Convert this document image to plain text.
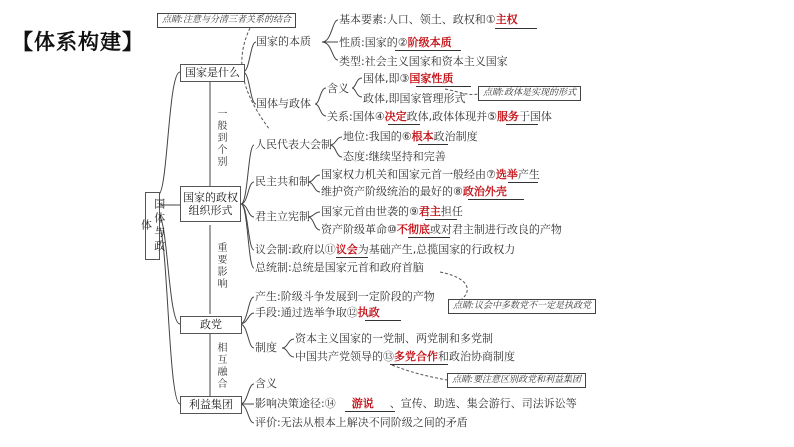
【体系构建】
国体与政体
国家是什么
国家的政权组织形式
政党
利益集团
一般到个别
重要影响
相互融合
国家的本质
基本要素:人口、领土、政权和①主权
性质:国家的②阶级本质
类型:社会主义国家和资本主义国家
国体与政体
含义
国体,即③国家性质
政体,即国家管理形式
关系:国体④决定政体,政体体现并⑤服务于国体
点睛:注意与分清三者关系的结合
点睛:政体是实现的形式
人民代表大会制
地位:我国的⑥根本政治制度
态度:继续坚持和完善
民主共和制
国家权力机关和国家元首一般经由⑦选举产生
维护资产阶级统治的最好的⑧政治外壳
君主立宪制 国家元首由世袭的⑨君主担任
资产阶级革命⑩不彻底或对君主制进行改良的产物
议会制:政府以⑪议会为基础产生,总揽国家的行政权力
总统制:总统是国家元首和政府首脑
产生:阶级斗争发展到一定阶段的产物
手段:通过选举争取⑫执政
制度
资本主义国家的一党制、两党制和多党制
中国共产党领导的⑬多党合作和政治协商制度
点睛:议会中多数党不一定是执政党
含义
影响决策途径:⑭ 游说 、宣传、助选、集会游行、司法诉讼等
评价:无法从根本上解决不同阶级之间的矛盾
点睛:要注意区别政党和利益集团
